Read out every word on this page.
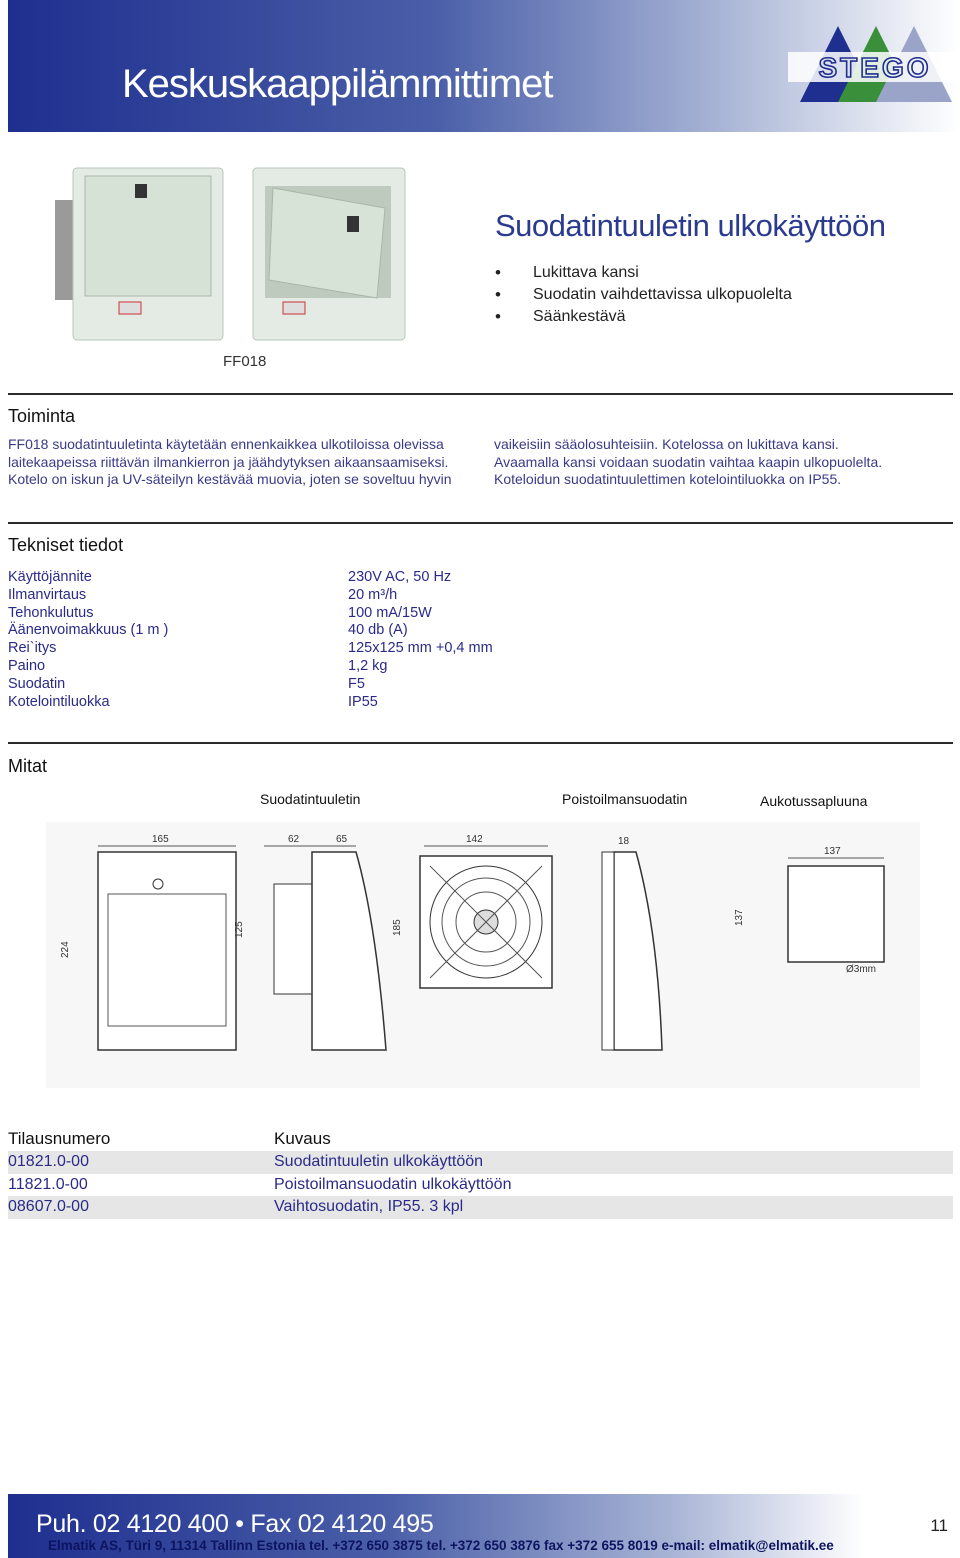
Keskuskaappilämmittimet	STEGO
FF018
Suodatintuuletin ulkokäyttöön
• Lukittava kansi
• Suodatin vaihdettavissa ulkopuolelta
• Säänkestävä
Toiminta
FF018 suodatintuuletinta käytetään ennenkaikkea ulkotiloissa olevissa
laitekaapeissa riittävän ilmankierron ja jäähdytyksen aikaansaamiseksi.
Kotelo on iskun ja UV-säteilyn kestävää muovia, joten se soveltuu hyvin
vaikeisiin sääolosuhteisiin. Kotelossa on lukittava kansi.
Avaamalla kansi voidaan suodatin vaihtaa kaapin ulkopuolelta.
Koteloidun suodatintuulettimen kotelointiluokka on IP55.
Tekniset tiedot
Käyttöjännite	230V AC, 50 Hz
Ilmanvirtaus	20 m³/h
Tehonkulutus	100 mA/15W
Äänenvoimakkuus (1 m )	40 db (A)
Rei`itys	125x125 mm +0,4 mm
Paino	1,2 kg
Suodatin	F5
Kotelointiluokka	IP55
Mitat
Suodatintuuletin	Poistoilmansuodatin	Aukotussapluuna
165
224
125
62	65	142
185
18
137
137
Ø3mm
Tilausnumero	Kuvaus
01821.0-00	Suodatintuuletin ulkokäyttöön
11821.0-00	Poistoilmansuodatin ulkokäyttöön
08607.0-00	Vaihtosuodatin, IP55. 3 kpl
Puh. 02 4120 400 • Fax 02 4120 495
Elmatik AS, Türi 9, 11314 Tallinn Estonia tel. +372 650 3875 tel. +372 650 3876 fax +372 655 8019 e-mail: elmatik@elmatik.ee
11
